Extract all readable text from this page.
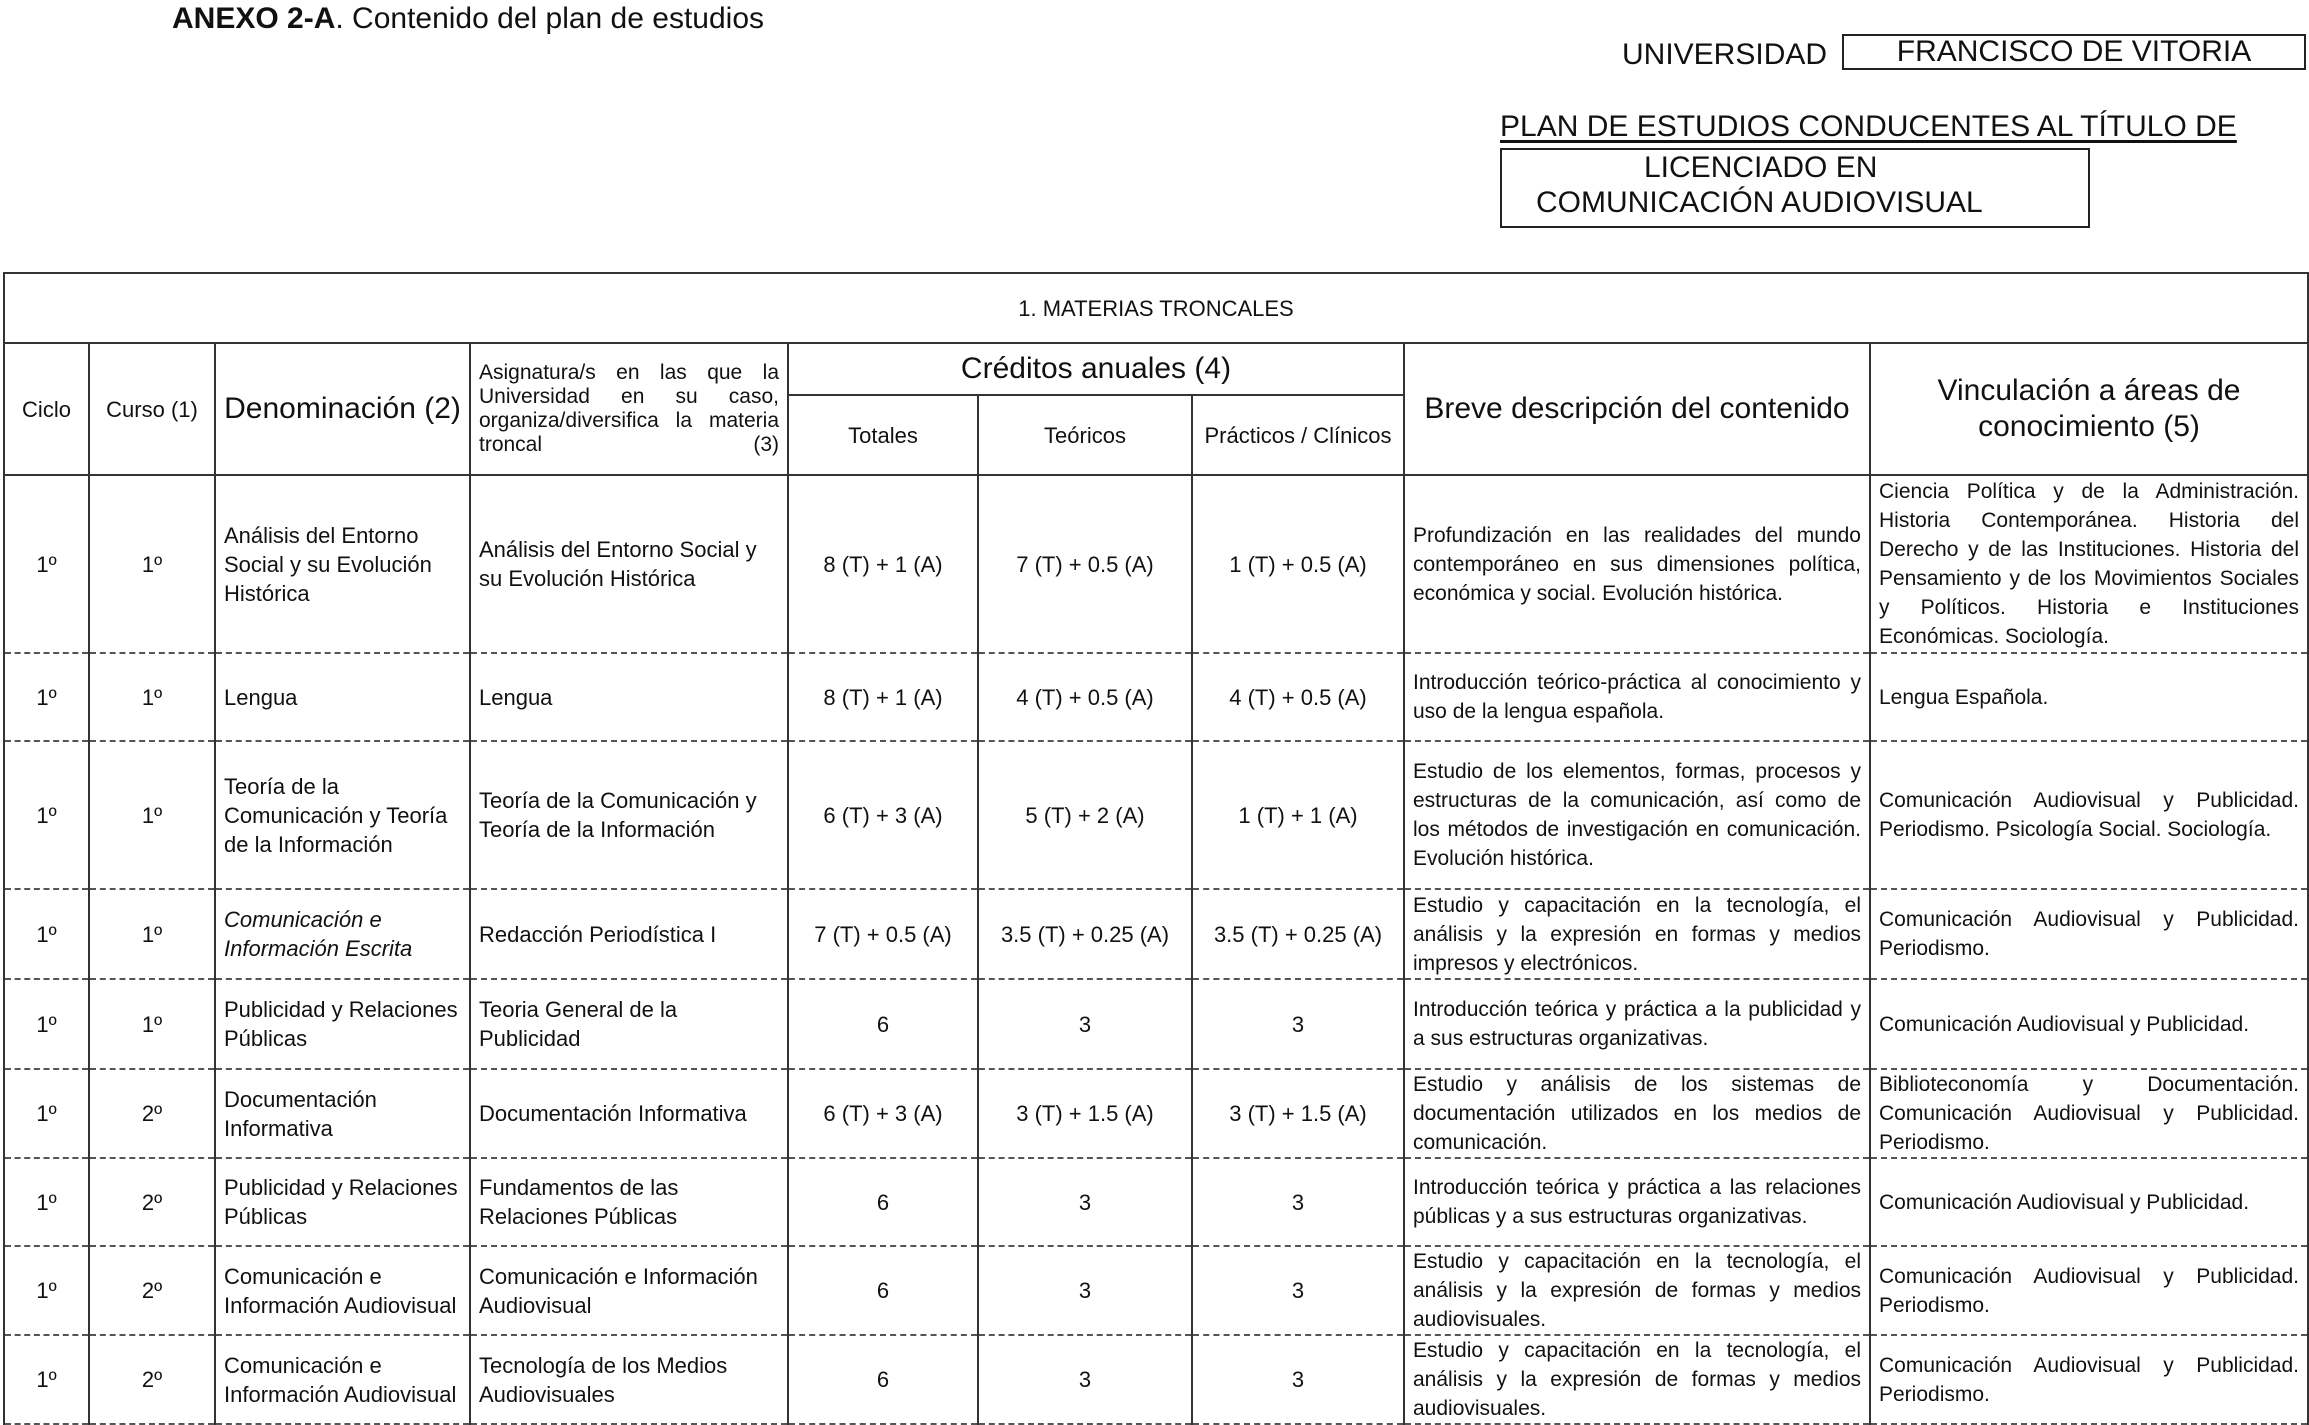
ANEXO 2-A. Contenido del plan de estudios
UNIVERSIDAD	FRANCISCO DE VITORIA
PLAN DE ESTUDIOS CONDUCENTES AL TÍTULO DE
LICENCIADO EN
COMUNICACIÓN AUDIOVISUAL
1. MATERIAS TRONCALES								
Ciclo	Curso (1)	Denominación (2)	Asignatura/s en las que la Universidad en su caso, organiza/diversifica la materia troncal (3)	Créditos anuales (4)			Breve descripción del contenido	Vinculación a áreas de conocimiento (5)
				Totales	Teóricos	Prácticos / Clínicos		
1º	1º	Análisis del Entorno Social y su Evolución Histórica	Análisis del Entorno Social y su Evolución Histórica	8 (T) + 1 (A)	7 (T) + 0.5 (A)	1 (T) + 0.5 (A)	Profundización en las realidades del mundo contemporáneo en sus dimensiones política, económica y social. Evolución histórica.	Ciencia Política y de la Administración. Historia Contemporánea. Historia del Derecho y de las Instituciones. Historia del Pensamiento y de los Movimientos Sociales y Políticos. Historia e Instituciones Económicas. Sociología.
1º	1º	Lengua	Lengua	8 (T) + 1 (A)	4 (T) + 0.5 (A)	4 (T) + 0.5 (A)	Introducción teórico-práctica al conocimiento y uso de la lengua española.	Lengua Española.
1º	1º	Teoría de la Comunicación y Teoría de la Información	Teoría de la Comunicación y Teoría de la Información	6 (T) + 3 (A)	5 (T) + 2 (A)	1 (T) + 1 (A)	Estudio de los elementos, formas, procesos y estructuras de la comunicación, así como de los métodos de investigación en comunicación. Evolución histórica.	Comunicación Audiovisual y Publicidad. Periodismo. Psicología Social. Sociología.
1º	1º	Comunicación e Información Escrita	Redacción Periodística I	7 (T) + 0.5 (A)	3.5 (T) + 0.25 (A)	3.5 (T) + 0.25 (A)	Estudio y capacitación en la tecnología, el análisis y la expresión en formas y medios impresos y electrónicos.	Comunicación Audiovisual y Publicidad. Periodismo.
1º	1º	Publicidad y Relaciones Públicas	Teoria General de la Publicidad	6	3	3	Introducción teórica y práctica a la publicidad y a sus estructuras organizativas.	Comunicación Audiovisual y Publicidad.
1º	2º	Documentación Informativa	Documentación Informativa	6 (T) + 3 (A)	3 (T) + 1.5 (A)	3 (T) + 1.5 (A)	Estudio y análisis de los sistemas de documentación utilizados en los medios de comunicación.	Biblioteconomía y Documentación. Comunicación Audiovisual y Publicidad. Periodismo.
1º	2º	Publicidad y Relaciones Públicas	Fundamentos de las Relaciones Públicas	6	3	3	Introducción teórica y práctica a las relaciones públicas y a sus estructuras organizativas.	Comunicación Audiovisual y Publicidad.
1º	2º	Comunicación e Información Audiovisual	Comunicación e Información Audiovisual	6	3	3	Estudio y capacitación en la tecnología, el análisis y la expresión de formas y medios audiovisuales.	Comunicación Audiovisual y Publicidad. Periodismo.
1º	2º	Comunicación e Información Audiovisual	Tecnología de los Medios Audiovisuales	6	3	3	Estudio y capacitación en la tecnología, el análisis y la expresión de formas y medios audiovisuales.	Comunicación Audiovisual y Publicidad. Periodismo.
